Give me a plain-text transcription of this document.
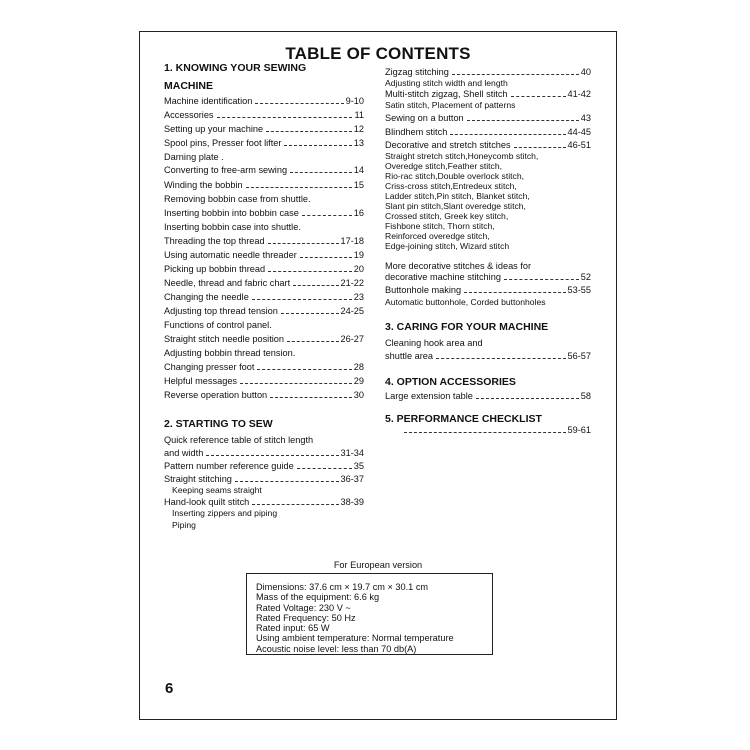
TABLE OF CONTENTS
1. KNOWING YOUR SEWING
MACHINE
Machine identification	9-10
Accessories	11
Setting up your machine	12
Spool pins, Presser foot lifter	13
Darning plate .
Converting to free-arm sewing	14
Winding the bobbin	15
Removing bobbin case from shuttle.
Inserting bobbin into bobbin case	16
Inserting bobbin case into shuttle.
Threading the top thread	17-18
Using automatic needle threader	19
Picking up bobbin thread	20
Needle, thread and fabric chart	21-22
Changing the needle	23
Adjusting top thread tension	24-25
Functions of control panel.
Straight stitch needle position	26-27
Adjusting bobbin thread tension.
Changing presser foot	28
Helpful messages	29
Reverse operation button	30
2. STARTING TO SEW
Quick reference table of stitch length
and width	31-34
Pattern number reference guide	35
Straight stitching	36-37
Keeping seams straight
Hand-look quilt stitch	38-39
Inserting zippers and piping
Piping
Zigzag stitching	40
Adjusting stitch width and length
Multi-stitch zigzag, Shell stitch	41-42
Satin stitch, Placement of patterns
Sewing on a button	43
Blindhem stitch	44-45
Decorative and stretch stitches	46-51
Straight stretch stitch,Honeycomb stitch,
Overedge stitch,Feather stitch,
Rio-rac stitch,Double overlock stitch,
Criss-cross stitch,Entredeux stitch,
Ladder stitch,Pin stitch, Blanket stitch,
Slant pin stitch,Slant overedge stitch,
Crossed stitch, Greek key stitch,
Fishbone stitch, Thorn stitch,
Reinforced overedge stitch,
Edge-joining stitch, Wizard stitch
More decorative stitches & ideas for
decorative machine stitching	52
Buttonhole making	53-55
Automatic buttonhole, Corded buttonholes
3. CARING FOR YOUR MACHINE
Cleaning hook area and
shuttle area	56-57
4. OPTION ACCESSORIES
Large extension table	58
5. PERFORMANCE CHECKLIST
59-61
For European version
Dimensions: 37.6 cm × 19.7 cm × 30.1 cm
Mass of the equipment: 6.6 kg
Rated Voltage: 230 V ~
Rated Frequency: 50 Hz
Rated input: 65 W
Using ambient temperature: Normal temperature
Acoustic noise level: less than 70 db(A)
6
